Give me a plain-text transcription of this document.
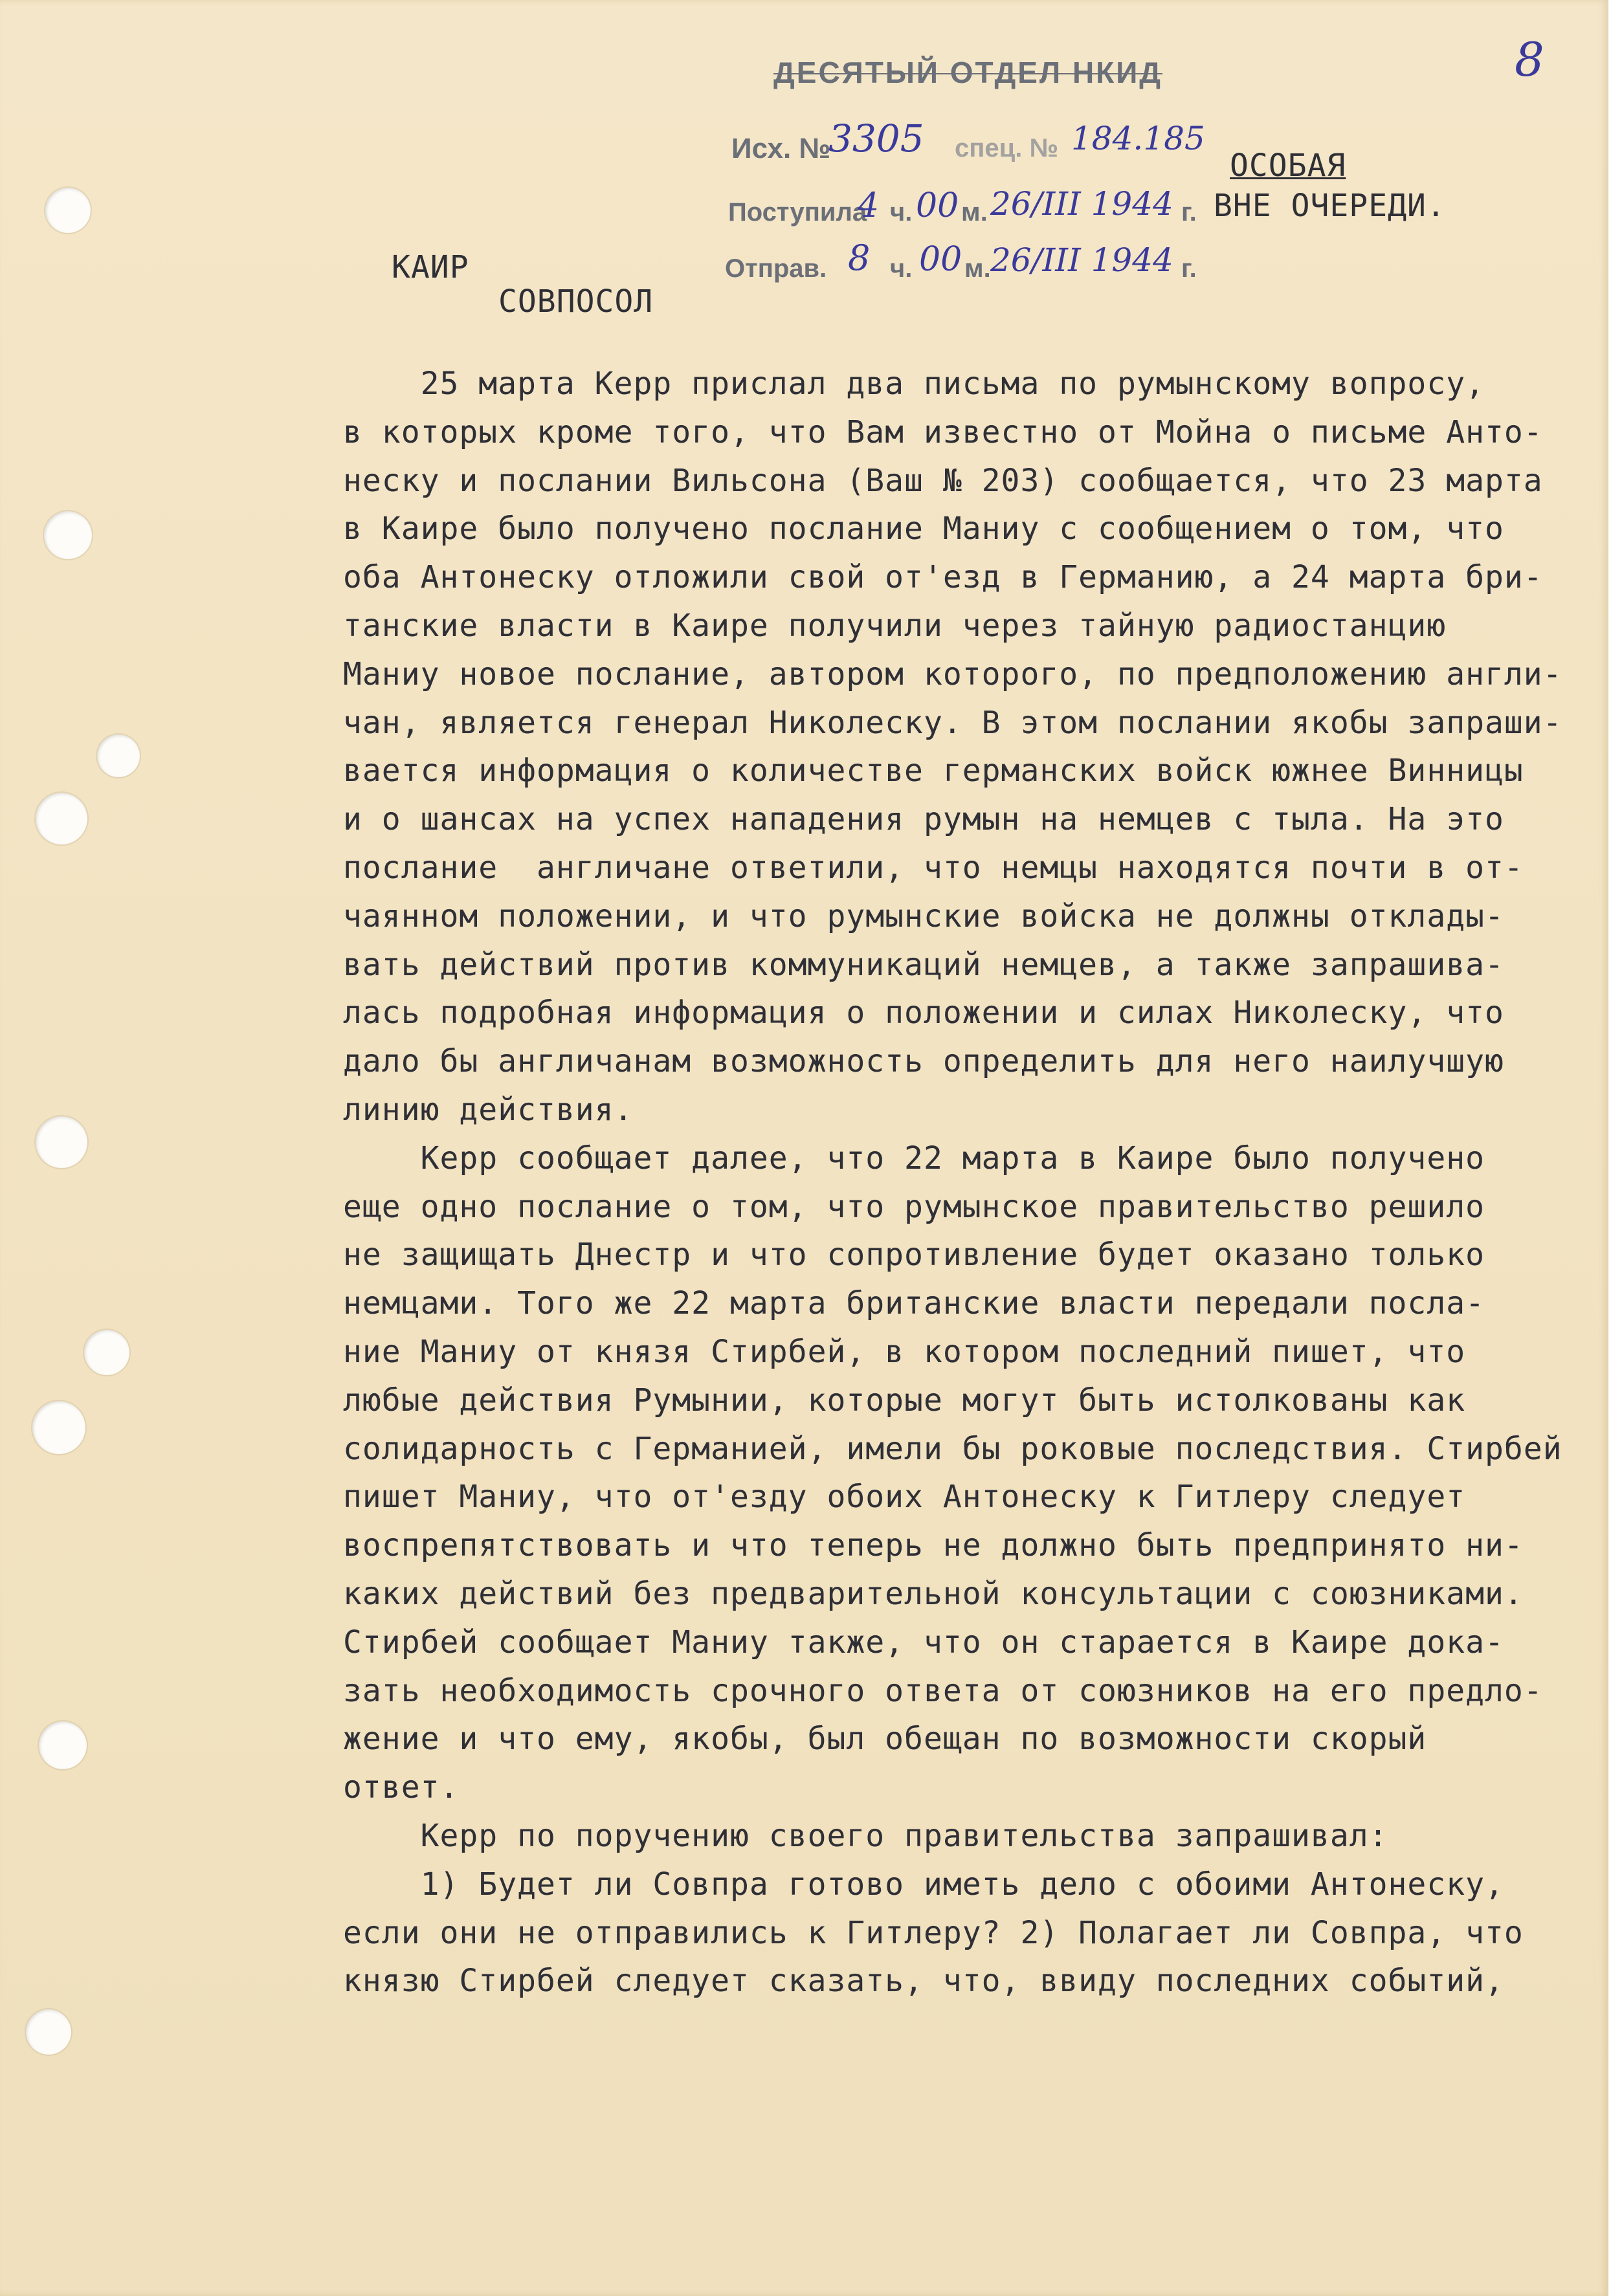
8
ДЕСЯТЫЙ ОТДЕЛ НКИД
Исх. №
3305 спец. № 184.185
Поступила
4 ч. 00 м. 26/III 1944 г.
Отправ. 8 ч. 00 м. 26/III 1944 г.
ОСОБАЯ
ВНЕ ОЧЕРЕДИ.
КАИР
СОВПОСОЛ
25 марта Керр прислал два письма по румынскому вопросу,
в которых кроме того, что Вам известно от Мойна о письме Анто-
неску и послании Вильсона (Ваш № 203) сообщается, что 23 марта
в Каире было получено послание Маниу с сообщением о том, что
оба Антонеску отложили свой от'езд в Германию, а 24 марта бри-
танские власти в Каире получили через тайную радиостанцию
Маниу новое послание, автором которого, по предположению англи-
чан, является генерал Николеску. В этом послании якобы запраши-
вается информация о количестве германских войск южнее Винницы
и о шансах на успех нападения румын на немцев с тыла. На это
послание  англичане ответили, что немцы находятся почти в от-
чаянном положении, и что румынские войска не должны отклады-
вать действий против коммуникаций немцев, а также запрашива-
лась подробная информация о положении и силах Николеску, что
дало бы англичанам возможность определить для него наилучшую
линию действия.
Керр сообщает далее, что 22 марта в Каире было получено
еще одно послание о том, что румынское правительство решило
не защищать Днестр и что сопротивление будет оказано только
немцами. Того же 22 марта британские власти передали посла-
ние Маниу от князя Стирбей, в котором последний пишет, что
любые действия Румынии, которые могут быть истолкованы как
солидарность с Германией, имели бы роковые последствия. Стирбей
пишет Маниу, что от'езду обоих Антонеску к Гитлеру следует
воспрепятствовать и что теперь не должно быть предпринято ни-
каких действий без предварительной консультации с союзниками.
Стирбей сообщает Маниу также, что он старается в Каире дока-
зать необходимость срочного ответа от союзников на его предло-
жение и что ему, якобы, был обещан по возможности скорый
ответ.
Керр по поручению своего правительства запрашивал:
1) Будет ли Совпра готово иметь дело с обоими Антонеску,
если они не отправились к Гитлеру? 2) Полагает ли Совпра, что
князю Стирбей следует сказать, что, ввиду последних событий,
